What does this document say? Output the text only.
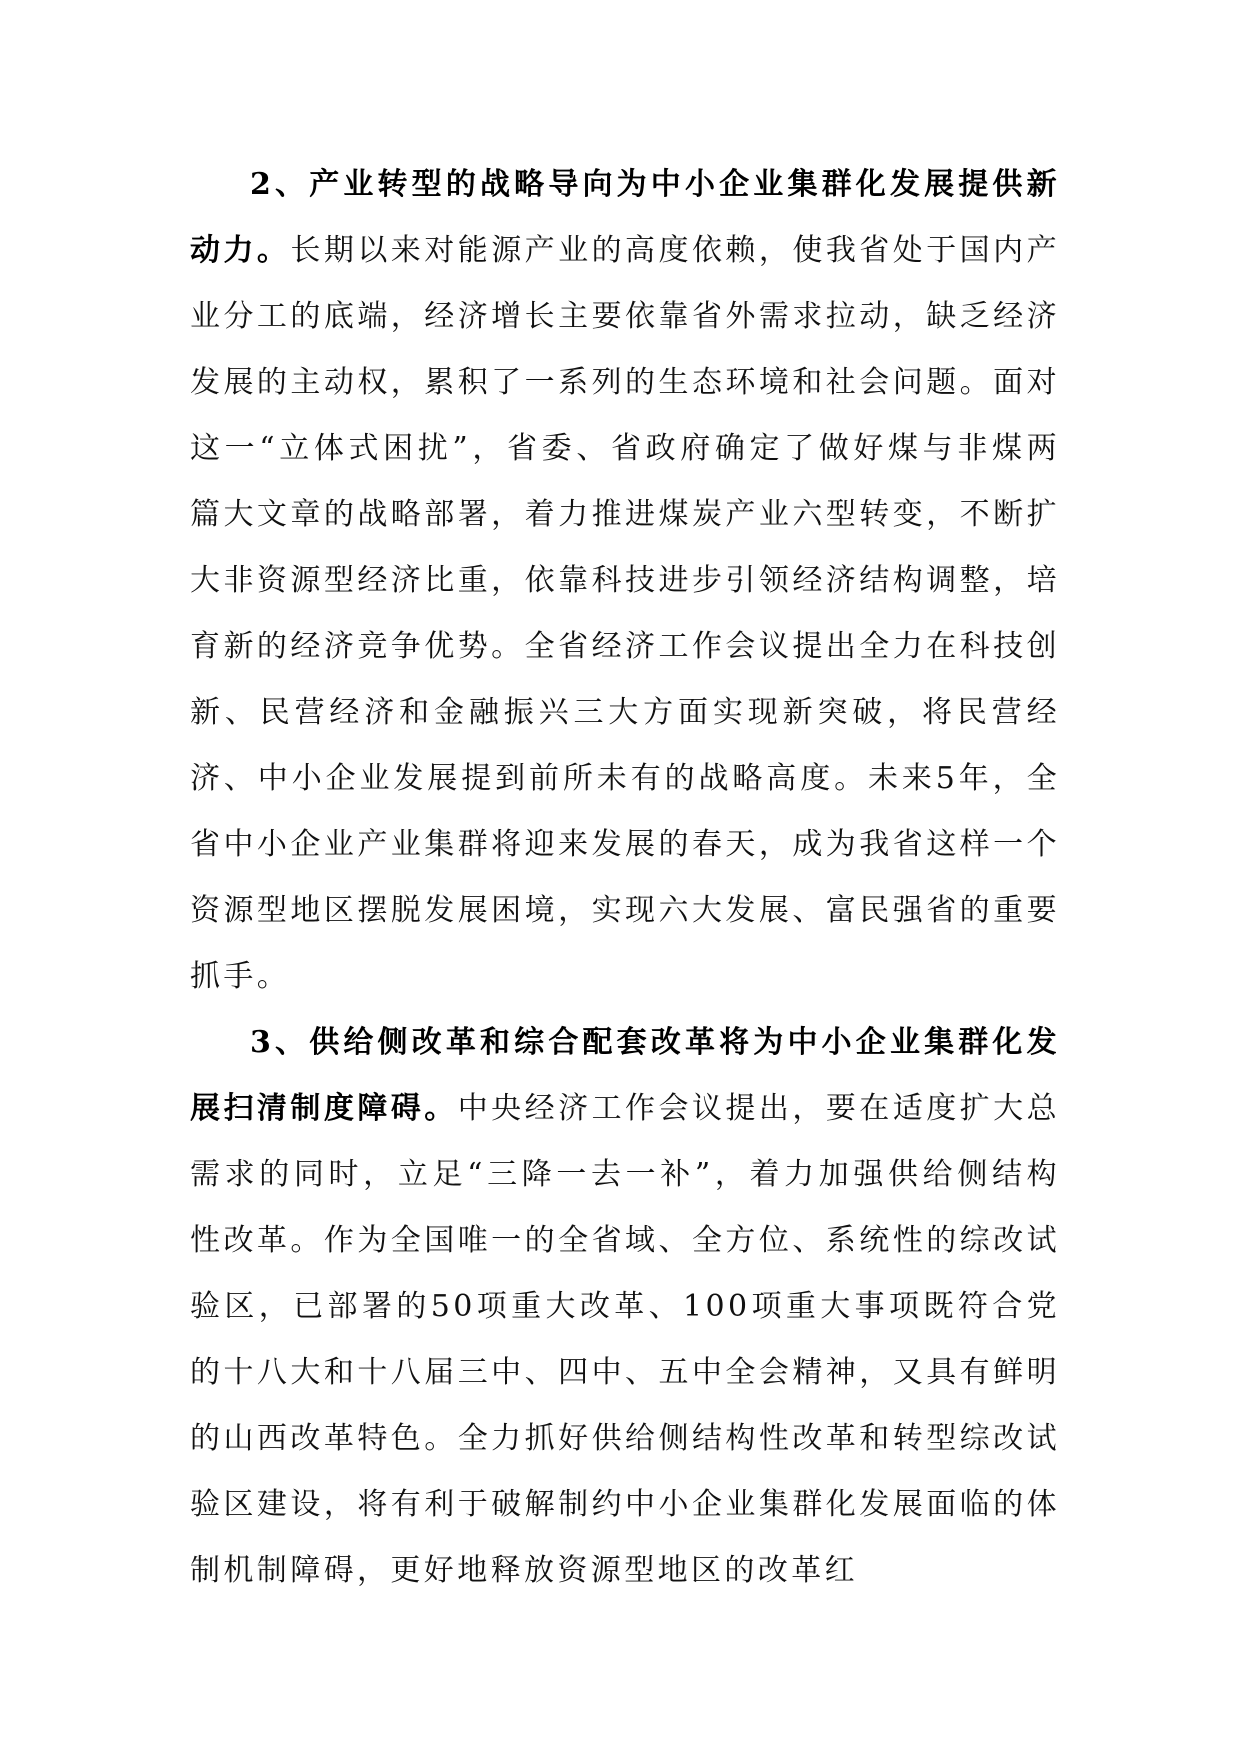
2、产业转型的战略导向为中小企业集群化发展提供新动力。长期以来对能源产业的高度依赖，使我省处于国内产业分工的底端，经济增长主要依靠省外需求拉动，缺乏经济发展的主动权，累积了一系列的生态环境和社会问题。面对这一“立体式困扰”，省委、省政府确定了做好煤与非煤两篇大文章的战略部署，着力推进煤炭产业六型转变，不断扩大非资源型经济比重，依靠科技进步引领经济结构调整，培育新的经济竞争优势。全省经济工作会议提出全力在科技创新、民营经济和金融振兴三大方面实现新突破，将民营经济、中小企业发展提到前所未有的战略高度。未来5年，全省中小企业产业集群将迎来发展的春天，成为我省这样一个资源型地区摆脱发展困境，实现六大发展、富民强省的重要抓手。

3、供给侧改革和综合配套改革将为中小企业集群化发展扫清制度障碍。中央经济工作会议提出，要在适度扩大总需求的同时，立足“三降一去一补”，着力加强供给侧结构性改革。作为全国唯一的全省域、全方位、系统性的综改试验区，已部署的50项重大改革、100项重大事项既符合党的十八大和十八届三中、四中、五中全会精神，又具有鲜明的山西改革特色。全力抓好供给侧结构性改革和转型综改试验区建设，将有利于破解制约中小企业集群化发展面临的体制机制障碍，更好地释放资源型地区的改革红
